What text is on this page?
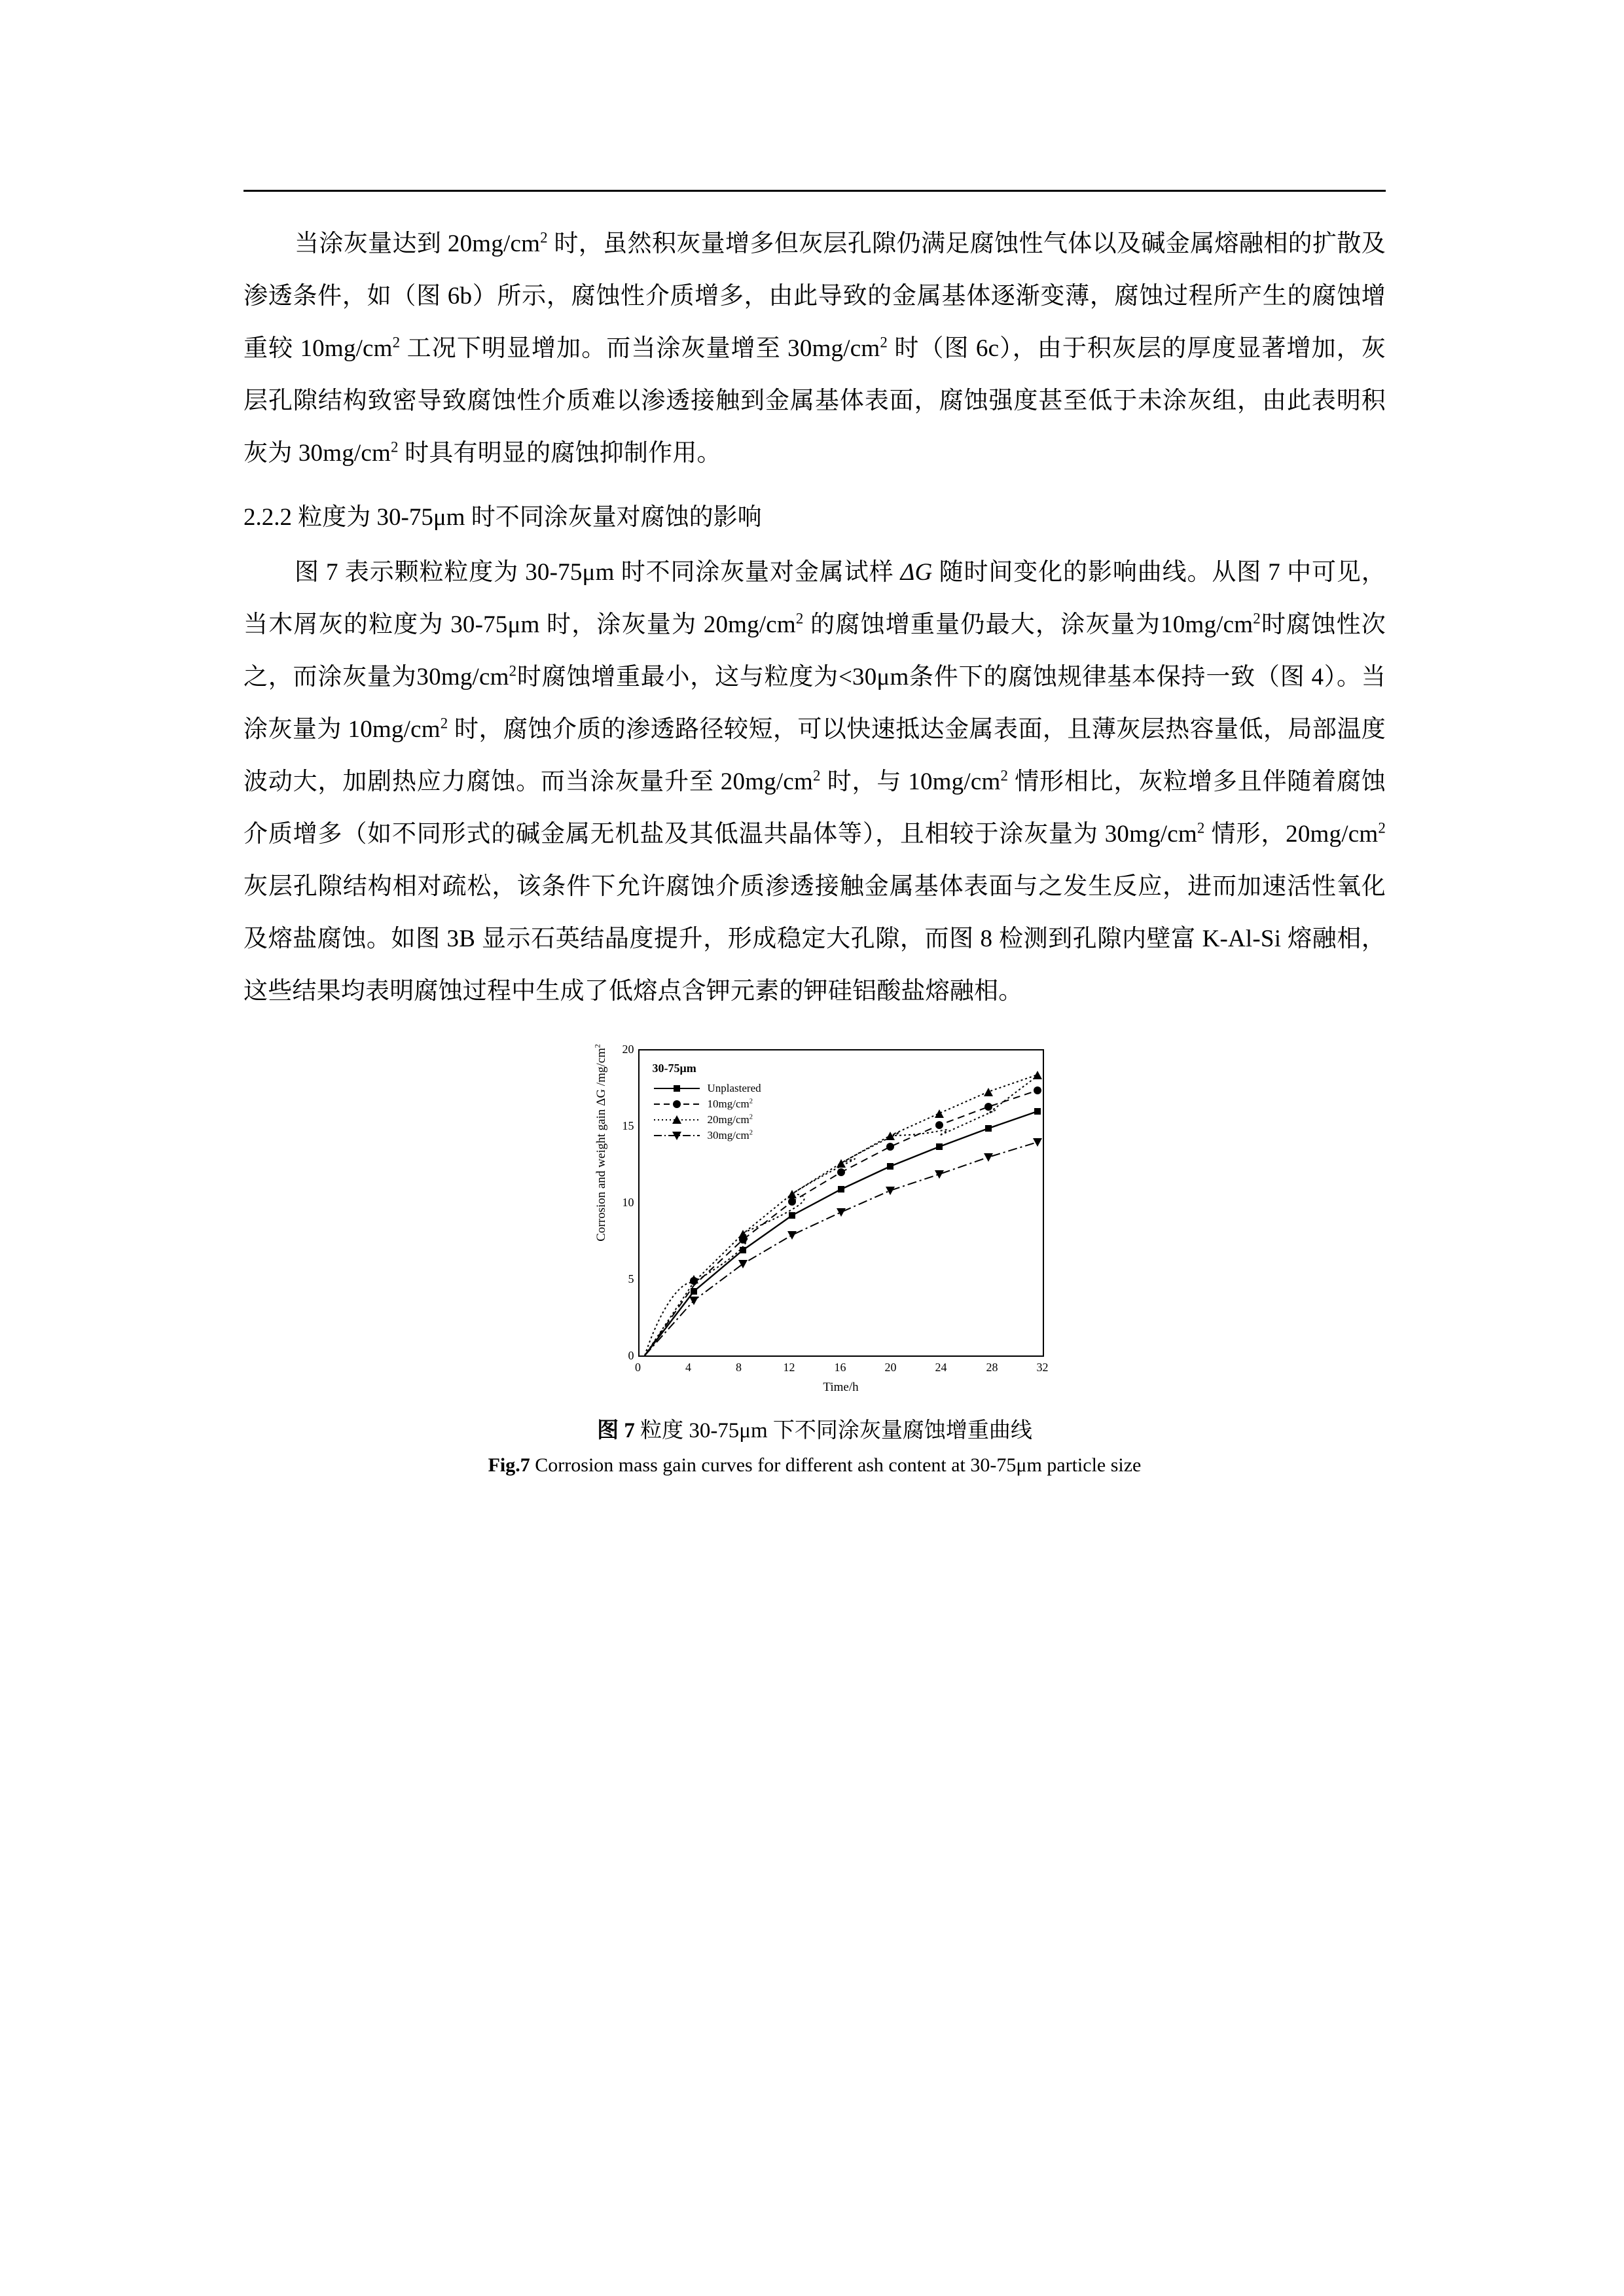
当涂灰量达到 $20mg/cm^2$ 时，虽然积灰量增多但灰层孔隙仍满足腐蚀性气体以及碱金属熔融相的扩散及渗透条件，如（图 6b）所示，腐蚀性介质增多，由此导致的金属基体逐渐变薄，腐蚀过程所产生的腐蚀增重较 $10mg/cm^2$ 工况下明显增加。而当涂灰量增至 $30mg/cm^2$ 时（图 6c），由于积灰层的厚度显著增加，灰层孔隙结构致密导致腐蚀性介质难以渗透接触到金属基体表面，腐蚀强度甚至低于未涂灰组，由此表明积灰为 $30mg/cm^2$ 时具有明显的腐蚀抑制作用。

2.2.2 粒度为 30-75μm 时不同涂灰量对腐蚀的影响

图 7 表示颗粒粒度为 30-75μm 时不同涂灰量对金属试样 ΔG 随时间变化的影响曲线。从图 7 中可见，当木屑灰的粒度为 30-75μm 时，涂灰量为 $20mg/cm^2$ 的腐蚀增重量仍最大，涂灰量为$10mg/cm^2$时腐蚀性次之，而涂灰量为$30mg/cm^2$时腐蚀增重最小，这与粒度为<30μm条件下的腐蚀规律基本保持一致（图 4）。当涂灰量为 $10mg/cm^2$ 时，腐蚀介质的渗透路径较短，可以快速抵达金属表面，且薄灰层热容量低，局部温度波动大，加剧热应力腐蚀。而当涂灰量升至 $20mg/cm^2$ 时，与 $10mg/cm^2$ 情形相比，灰粒增多且伴随着腐蚀介质增多（如不同形式的碱金属无机盐及其低温共晶体等），且相较于涂灰量为 $30mg/cm^2$ 情形，$20mg/cm^2$ 灰层孔隙结构相对疏松，该条件下允许腐蚀介质渗透接触金属基体表面与之发生反应，进而加速活性氧化及熔盐腐蚀。如图 3B 显示石英结晶度提升，形成稳定大孔隙，而图 8 检测到孔隙内壁富 K-Al-Si 熔融相，这些结果均表明腐蚀过程中生成了低熔点含钾元素的钾硅铝酸盐熔融相。

Corrosion and weight gain ΔG $/mg/cm^2$	20
15
10
5
0
0	4	8	12	16	20	24	28	32
30-75μm
Unplastered
$10mg/cm^2$
$20mg/cm^2$
$30mg/cm^2$
Time/h
图 7 粒度 30-75μm 下不同涂灰量腐蚀增重曲线
Fig.7 Corrosion mass gain curves for different ash content at 30-75μm particle size
